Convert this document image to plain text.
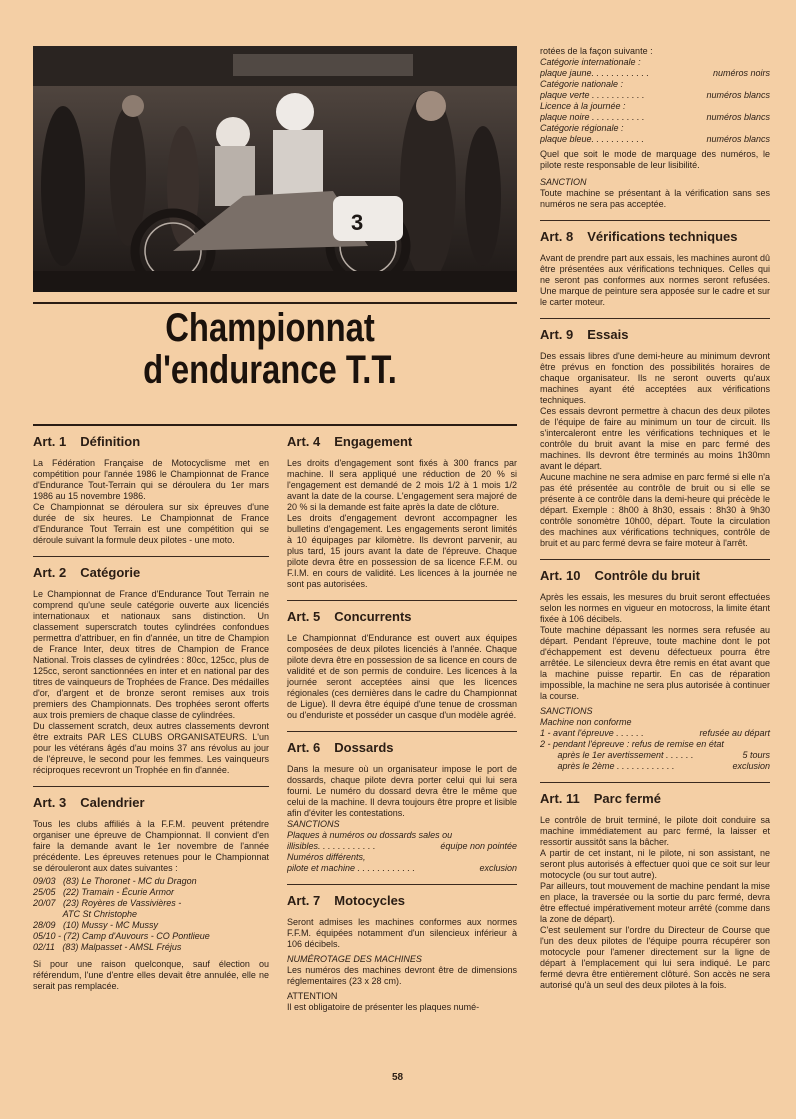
3
Championnat
d'endurance T.T.
Art. 1 Définition

La Fédération Française de Motocyclisme met en compétition pour l'année 1986 le Championnat de France d'Endurance Tout-Terrain qui se déroulera du 1er mars 1986 au 15 novembre 1986.
Ce Championnat se déroulera sur six épreuves d'une durée de six heures. Le Championnat de France d'Endurance Tout Terrain est une compétition qui se déroule suivant la formule deux pilotes - une moto.

Art. 2 Catégorie

Le Championnat de France d'Endurance Tout Terrain ne comprend qu'une seule catégorie ouverte aux licenciés internationaux et nationaux sans distinction. Un classement superscratch toutes cylindrées confondues permettra d'attribuer, en fin d'année, un titre de Champion de France Inter, deux titres de Champion de France National. Trois classes de cylindrées : 80cc, 125cc, plus de 125cc, seront sanctionnées en inter et en national par des titres de vainqueurs de Trophées de France. Des médailles d'or, d'argent et de bronze seront remises aux trois premiers des Championnats. Des trophées seront offerts aux trois premiers de chaque classe de cylindrées.
Du classement scratch, deux autres classements devront être extraits PAR LES CLUBS ORGANISATEURS. L'un pour les vétérans âgés d'au moins 37 ans révolus au jour de l'épreuve, le second pour les femmes. Les vainqueurs réciproques recevront un Trophée en fin d'année.

Art. 3 Calendrier

Tous les clubs affiliés à la F.F.M. peuvent prétendre organiser une épreuve de Championnat. Il convient d'en faire la demande avant le 1er novembre de l'année précédente. Les épreuves retenues pour le Championnat se dérouleront aux dates suivantes :

09/03   (83) Le Thoronet - MC du Dragon
25/05   (22) Tramain - Écurie Armor
20/07   (23) Royères de Vassivières -
ATC St Christophe
28/09   (10) Mussy - MC Mussy
05/10 - (72) Camp d'Auvours - CO Pontlieue
02/11   (83) Malpasset - AMSL Fréjus

Si pour une raison quelconque, sauf élection ou référendum, l'une d'entre elles devait être annulée, elle ne serait pas remplacée.

Art. 4 Engagement

Les droits d'engagement sont fixés à 300 francs par machine. Il sera appliqué une réduction de 20 % si l'engagement est demandé de 2 mois 1/2 à 1 mois 1/2 avant la date de la course. L'engagement sera majoré de 20 % si la demande est faite après la date de clôture.
Les droits d'engagement devront accompagner les bulletins d'engagement. Les engagements seront limités à 10 équipages par kilomètre. Ils devront parvenir, au plus tard, 15 jours avant la date de l'épreuve. Chaque pilote devra être en possession de sa licence F.F.M. ou F.I.M. en cours de validité. Les licences à la journée ne sont pas autorisées.

Art. 5 Concurrents

Le Championnat d'Endurance est ouvert aux équipes composées de deux pilotes licenciés à l'année. Chaque pilote devra être en possession de sa licence en cours de validité et de son permis de conduire. Les licences à la journée seront acceptées ainsi que les licences régionales (ces dernières dans le cadre du Championnat de Ligue). Il devra être équipé d'une tenue de crossman ou d'enduriste et posséder un casque d'un modèle agréé.

Art. 6 Dossards

Dans la mesure où un organisateur impose le port de dossards, chaque pilote devra porter celui qui lui sera fourni. Le numéro du dossard devra être le même que celui de la machine. Il devra toujours être propre et lisible afin d'éviter les contestations.

SANCTIONS
Plaques à numéros ou dossards sales ou
illisibles. . . . . . . . . . . .	équipe non pointée
Numéros différents,
pilote et machine . . . . . . . . . . . .	exclusion
Art. 7 Motocycles

Seront admises les machines conformes aux normes F.F.M. équipées notamment d'un silencieux inférieur à 106 décibels.

NUMÉROTAGE DES MACHINES

Les numéros des machines devront être de dimensions réglementaires (23 x 28 cm).

ATTENTION

Il est obligatoire de présenter les plaques numé-

rotées de la façon suivante :

Catégorie internationale :
plaque jaune. . . . . . . . . . . .	numéros noirs
Catégorie nationale :
plaque verte . . . . . . . . . . .	numéros blancs
Licence à la journée :
plaque noire . . . . . . . . . . .	numéros blancs
Catégorie régionale :
plaque bleue. . . . . . . . . . .	numéros blancs

Quel que soit le mode de marquage des numéros, le pilote reste responsable de leur lisibilité.

SANCTION

Toute machine se présentant à la vérification sans ses numéros ne sera pas acceptée.

Art. 8 Vérifications techniques

Avant de prendre part aux essais, les machines auront dû être présentées aux vérifications techniques. Celles qui ne seront pas conformes aux normes seront refusées. Une marque de peinture sera apposée sur le cadre et sur le carter moteur.

Art. 9 Essais

Des essais libres d'une demi-heure au minimum devront être prévus en fonction des possibilités horaires de chaque organisateur. Ils ne seront ouverts qu'aux machines ayant été acceptées aux vérifications techniques.
Ces essais devront permettre à chacun des deux pilotes de l'équipe de faire au minimum un tour de circuit. Ils s'intercaleront entre les vérifications techniques et le contrôle du bruit avant la mise en parc fermé des machines. Ils devront être terminés au moins 1h30mn avant le départ.
Aucune machine ne sera admise en parc fermé si elle n'a pas été présentée au contrôle de bruit ou si elle se présente à ce contrôle dans la demi-heure qui précède le départ. Exemple : 8h00 à 8h30, essais : 8h30 à 9h30 contrôle sonomètre 10h00, départ. Toute la circulation des machines aux vérifications techniques, contrôle de bruit et au parc fermé devra se faire moteur à l'arrêt.

Art. 10 Contrôle du bruit

Après les essais, les mesures du bruit seront effectuées selon les normes en vigueur en motocross, la limite étant fixée à 106 décibels.
Toute machine dépassant les normes sera refusée au départ. Pendant l'épreuve, toute machine dont le pot d'échappement est devenu défectueux pourra être arrêtée. Le silencieux devra être remis en état avant que la machine puisse repartir. En cas de réparation impossible, la machine ne sera plus autorisée à continuer la course.

SANCTIONS
Machine non conforme
1 - avant l'épreuve . . . . . .	refusée au départ
2 - pendant l'épreuve : refus de remise en état
après le 1er avertissement . . . . . .	5 tours
après le 2ème . . . . . . . . . . . .	exclusion
Art. 11 Parc fermé

Le contrôle de bruit terminé, le pilote doit conduire sa machine immédiatement au parc fermé, la laisser et ressortir aussitôt sans la bâcher.
A partir de cet instant, ni le pilote, ni son assistant, ne seront plus autorisés à effectuer quoi que ce soit sur leur motocycle (ou sur tout autre).
Par ailleurs, tout mouvement de machine pendant la mise en place, la traversée ou la sortie du parc fermé, devra être effectué impérativement moteur arrêté (comme dans la zone de départ).
C'est seulement sur l'ordre du Directeur de Course que l'un des deux pilotes de l'équipe pourra récupérer son motocycle pour l'amener directement sur la ligne de départ à l'emplacement qui lui sera indiqué. Le parc fermé devra être entièrement clôturé. Son accès ne sera autorisé qu'à un seul des deux pilotes à la fois.

58
